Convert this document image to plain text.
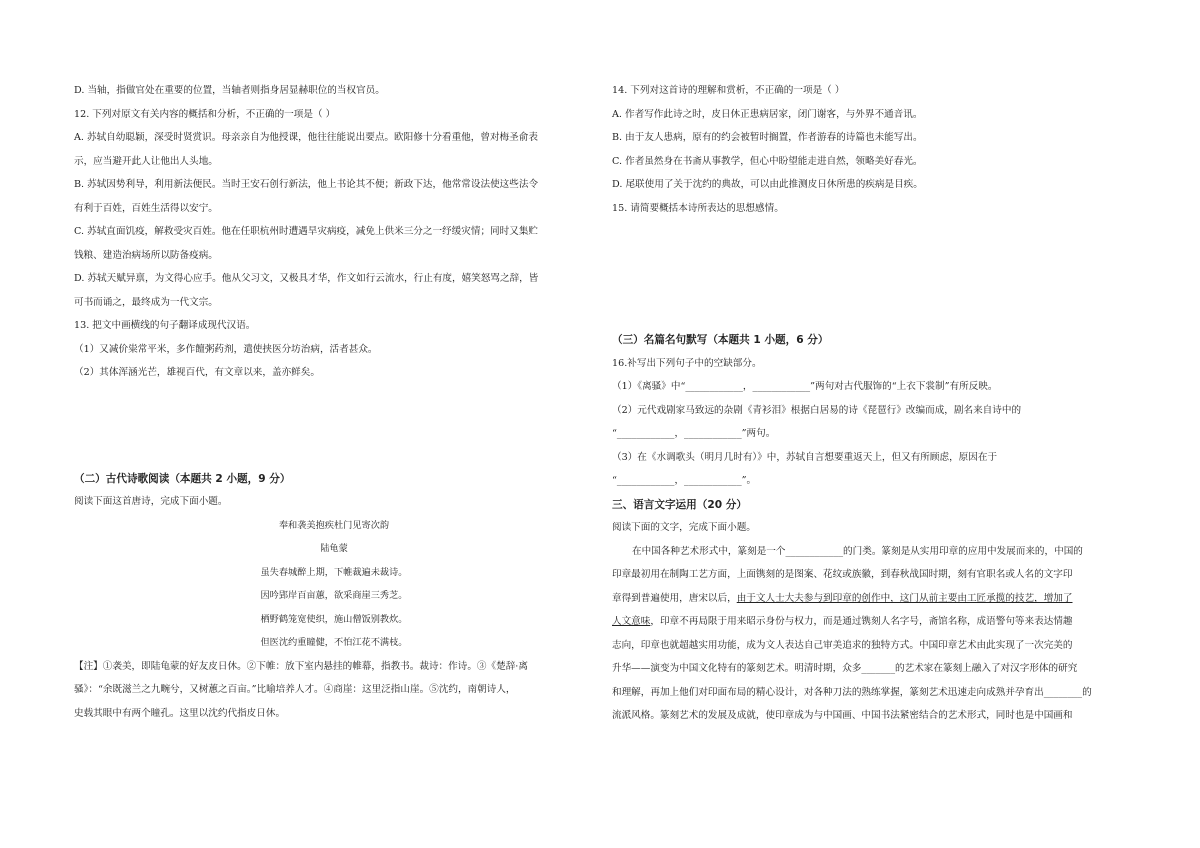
D. 当轴，指做官处在重要的位置，当轴者则指身居显赫职位的当权官员。

12. 下列对原文有关内容的概括和分析，不正确的一项是（ ）

A. 苏轼自幼聪颖，深受时贤赏识。母亲亲自为他授课，他往往能说出要点。欧阳修十分看重他，曾对梅圣俞表

示，应当避开此人让他出人头地。

B. 苏轼因势利导，利用新法便民。当时王安石创行新法，他上书论其不便；新政下达，他常常设法使这些法令

有利于百姓，百姓生活得以安宁。

C. 苏轼直面饥疫，解救受灾百姓。他在任职杭州时遭遇旱灾病疫，减免上供米三分之一纾缓灾情；同时又集贮

钱粮、建造治病场所以防备疫病。

D. 苏轼天赋异禀，为文得心应手。他从父习文，又极具才华，作文如行云流水，行止有度，嬉笑怒骂之辞，皆

可书而诵之，最终成为一代文宗。

13. 把文中画横线的句子翻译成现代汉语。

（1）又减价粜常平米，多作饘粥药剂，遣使挟医分坊治病，活者甚众。

（2）其体浑涵光芒，雄视百代，有文章以来，盖亦鲜矣。

（二）古代诗歌阅读（本题共 2 小题，9 分）

阅读下面这首唐诗，完成下面小题。

奉和袭美抱疾杜门见寄次韵

陆龟蒙

虽失春城醉上期，下帷裁遍未裁诗。

因吟郢岸百亩蕙，欲采商崖三秀芝。

栖野鹤笼宽使织，施山僧饭别教炊。

但医沈约重瞳健，不怕江花不满枝。

【注】①袭美，即陆龟蒙的好友皮日休。②下帷：放下室内悬挂的帷幕，指教书。裁诗：作诗。③《楚辞·离

骚》：“余既滋兰之九畹兮，又树蕙之百亩。”比喻培养人才。④商崖：这里泛指山崖。⑤沈约，南朝诗人，

史载其眼中有两个瞳孔。这里以沈约代指皮日休。

14. 下列对这首诗的理解和赏析，不正确的一项是（ ）

A. 作者写作此诗之时，皮日休正患病居家，闭门谢客，与外界不通音讯。

B. 由于友人患病，原有的约会被暂时搁置，作者游春的诗篇也未能写出。

C. 作者虽然身在书斋从事教学，但心中盼望能走进自然，领略美好春光。

D. 尾联使用了关于沈约的典故，可以由此推测皮日休所患的疾病是目疾。

15. 请简要概括本诗所表达的思想感情。

（三）名篇名句默写（本题共 1 小题，6 分）

16.补写出下列句子中的空缺部分。

（1）《离骚》中“____________，____________”两句对古代服饰的“上衣下裳制”有所反映。

（2）元代戏剧家马致远的杂剧《青衫泪》根据白居易的诗《琵琶行》改编而成，剧名来自诗中的

“____________，____________”两句。

（3）在《水调歌头（明月几时有）》中，苏轼自言想要重返天上，但又有所顾虑，原因在于

“____________，____________”。

三、语言文字运用（20 分）

阅读下面的文字，完成下面小题。

在中国各种艺术形式中，篆刻是一个____________的门类。篆刻是从实用印章的应用中发展而来的，中国的

印章最初用在制陶工艺方面，上面镌刻的是图案、花纹或族徽，到春秋战国时期，刻有官职名或人名的文字印

章得到普遍使用，唐宋以后，由于文人士大夫参与到印章的创作中，这门从前主要由工匠承揽的技艺，增加了

人文意味，印章不再局限于用来昭示身份与权力，而是通过镌刻人名字号，斋馆名称，成语警句等来表达情趣

志向，印章也就超越实用功能，成为文人表达自己审美追求的独特方式。中国印章艺术由此实现了一次完美的

升华——演变为中国文化特有的篆刻艺术。明清时期，众多_______的艺术家在篆刻上融入了对汉字形体的研究

和理解，再加上他们对印面布局的精心设计，对各种刀法的熟练掌握，篆刻艺术迅速走向成熟并孕育出________的

流派风格。篆刻艺术的发展及成就，使印章成为与中国画、中国书法紧密结合的艺术形式，同时也是中国画和
